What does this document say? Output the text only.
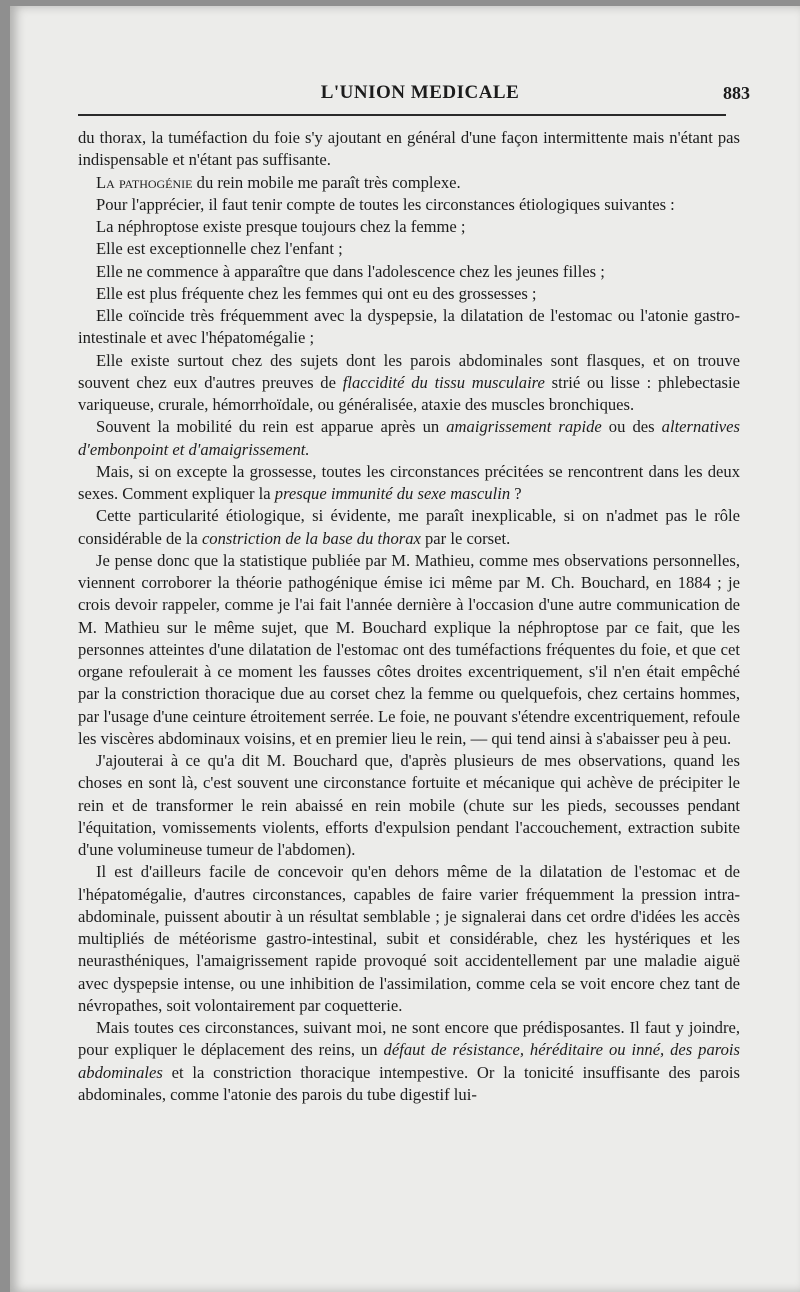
L'UNION MEDICALE	883

du thorax, la tuméfaction du foie s'y ajoutant en général d'une façon intermittente mais n'étant pas indispensable et n'étant pas suffisante.

La pathogénie du rein mobile me paraît très complexe.

Pour l'apprécier, il faut tenir compte de toutes les circonstances étiologiques suivantes :

La néphroptose existe presque toujours chez la femme ;

Elle est exceptionnelle chez l'enfant ;

Elle ne commence à apparaître que dans l'adolescence chez les jeunes filles ;

Elle est plus fréquente chez les femmes qui ont eu des grossesses ;

Elle coïncide très fréquemment avec la dyspepsie, la dilatation de l'estomac ou l'atonie gastro-intestinale et avec l'hépatomégalie ;

Elle existe surtout chez des sujets dont les parois abdominales sont flasques, et on trouve souvent chez eux d'autres preuves de flaccidité du tissu musculaire strié ou lisse : phlebectasie variqueuse, crurale, hémorrhoïdale, ou généralisée, ataxie des muscles bronchiques.

Souvent la mobilité du rein est apparue après un amaigrissement rapide ou des alternatives d'embonpoint et d'amaigrissement.

Mais, si on excepte la grossesse, toutes les circonstances précitées se rencontrent dans les deux sexes. Comment expliquer la presque immunité du sexe masculin ?

Cette particularité étiologique, si évidente, me paraît inexplicable, si on n'admet pas le rôle considérable de la constriction de la base du thorax par le corset.

Je pense donc que la statistique publiée par M. Mathieu, comme mes observations personnelles, viennent corroborer la théorie pathogénique émise ici même par M. Ch. Bouchard, en 1884 ; je crois devoir rappeler, comme je l'ai fait l'année dernière à l'occasion d'une autre communication de M. Mathieu sur le même sujet, que M. Bouchard explique la néphroptose par ce fait, que les personnes atteintes d'une dilatation de l'estomac ont des tuméfactions fréquentes du foie, et que cet organe refoulerait à ce moment les fausses côtes droites excentriquement, s'il n'en était empêché par la constriction thoracique due au corset chez la femme ou quelquefois, chez certains hommes, par l'usage d'une ceinture étroitement serrée. Le foie, ne pouvant s'étendre excentriquement, refoule les viscères abdominaux voisins, et en premier lieu le rein, — qui tend ainsi à s'abaisser peu à peu.

J'ajouterai à ce qu'a dit M. Bouchard que, d'après plusieurs de mes observations, quand les choses en sont là, c'est souvent une circonstance fortuite et mécanique qui achève de précipiter le rein et de transformer le rein abaissé en rein mobile (chute sur les pieds, secousses pendant l'équitation, vomissements violents, efforts d'expulsion pendant l'accouchement, extraction subite d'une volumineuse tumeur de l'abdomen).

Il est d'ailleurs facile de concevoir qu'en dehors même de la dilatation de l'estomac et de l'hépatomégalie, d'autres circonstances, capables de faire varier fréquemment la pression intra-abdominale, puissent aboutir à un résultat semblable ; je signalerai dans cet ordre d'idées les accès multipliés de météorisme gastro-intestinal, subit et considérable, chez les hystériques et les neurasthéniques, l'amaigrissement rapide provoqué soit accidentellement par une maladie aiguë avec dyspepsie intense, ou une inhibition de l'assimilation, comme cela se voit encore chez tant de névropathes, soit volontairement par coquetterie.

Mais toutes ces circonstances, suivant moi, ne sont encore que prédisposantes. Il faut y joindre, pour expliquer le déplacement des reins, un défaut de résistance, héréditaire ou inné, des parois abdominales et la constriction thoracique intempestive. Or la tonicité insuffisante des parois abdominales, comme l'atonie des parois du tube digestif lui-
